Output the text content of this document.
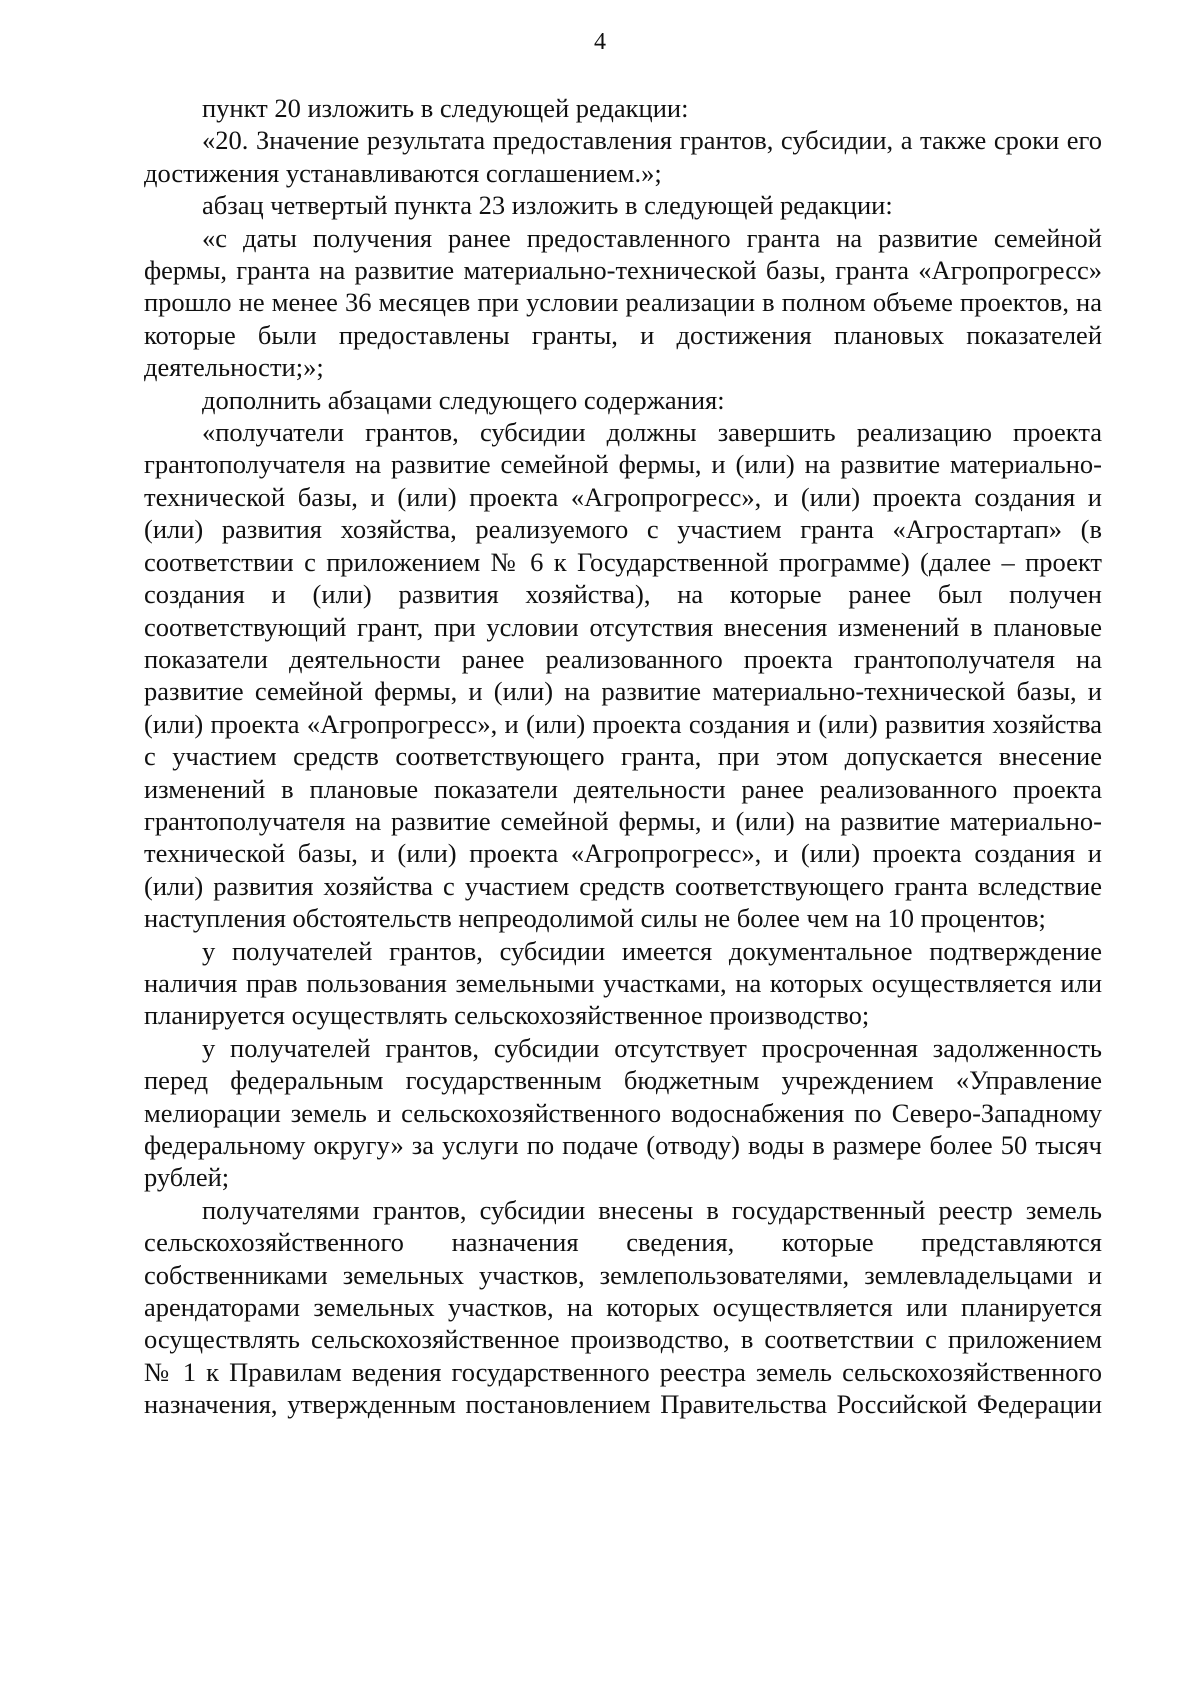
4

пункт 20 изложить в следующей редакции:

«20. Значение результата предоставления грантов, субсидии, а также сроки его достижения устанавливаются соглашением.»;

абзац четвертый пункта 23 изложить в следующей редакции:

«с даты получения ранее предоставленного гранта на развитие семейной фермы, гранта на развитие материально-технической базы, гранта «Агропрогресс» прошло не менее 36 месяцев при условии реализации в полном объеме проектов, на которые были предоставлены гранты, и достижения плановых показателей деятельности;»;

дополнить абзацами следующего содержания:

«получатели грантов, субсидии должны завершить реализацию проекта грантополучателя на развитие семейной фермы, и (или) на развитие материально-технической базы, и (или) проекта «Агропрогресс», и (или) проекта создания и (или) развития хозяйства, реализуемого с участием гранта «Агростартап» (в соответствии с приложением № 6 к Государственной программе) (далее – проект создания и (или) развития хозяйства), на которые ранее был получен соответствующий грант, при условии отсутствия внесения изменений в плановые показатели деятельности ранее реализованного проекта грантополучателя на развитие семейной фермы, и (или) на развитие материально-технической базы, и (или) проекта «Агропрогресс», и (или) проекта создания и (или) развития хозяйства с участием средств соответствующего гранта, при этом допускается внесение изменений в плановые показатели деятельности ранее реализованного проекта грантополучателя на развитие семейной фермы, и (или) на развитие материально-технической базы, и (или) проекта «Агропрогресс», и (или) проекта создания и (или) развития хозяйства с участием средств соответствующего гранта вследствие наступления обстоятельств непреодолимой силы не более чем на 10 процентов;

у получателей грантов, субсидии имеется документальное подтверждение наличия прав пользования земельными участками, на которых осуществляется или планируется осуществлять сельскохозяйственное производство;

у получателей грантов, субсидии отсутствует просроченная задолженность перед федеральным государственным бюджетным учреждением «Управление мелиорации земель и сельскохозяйственного водоснабжения по Северо-Западному федеральному округу» за услуги по подаче (отводу) воды в размере более 50 тысяч рублей;

получателями грантов, субсидии внесены в государственный реестр земель сельскохозяйственного назначения сведения, которые представляются собственниками земельных участков, землепользователями, землевладельцами и арендаторами земельных участков, на которых осуществляется или планируется осуществлять сельскохозяйственное производство, в соответствии с приложением № 1 к Правилам ведения государственного реестра земель сельскохозяйственного назначения, утвержденным постановлением Правительства Российской Федерации
